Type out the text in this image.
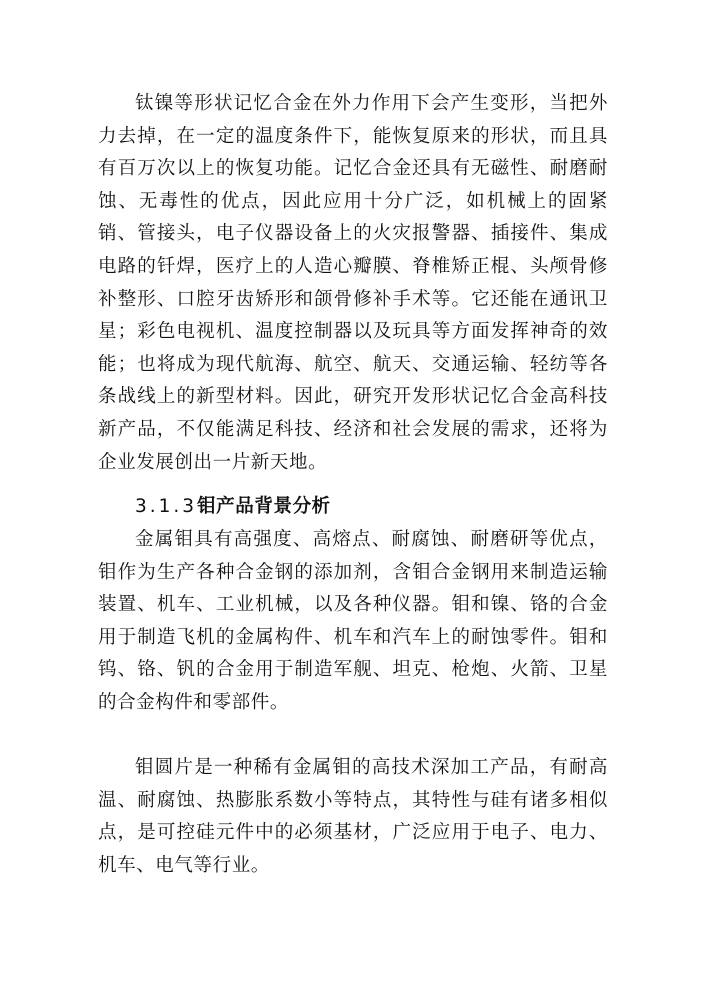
钛镍等形状记忆合金在外力作用下会产生变形，当把外力去掉，在一定的温度条件下，能恢复原来的形状，而且具有百万次以上的恢复功能。记忆合金还具有无磁性、耐磨耐蚀、无毒性的优点，因此应用十分广泛，如机械上的固紧销、管接头，电子仪器设备上的火灾报警器、插接件、集成电路的钎焊，医疗上的人造心瓣膜、脊椎矫正棍、头颅骨修补整形、口腔牙齿矫形和颌骨修补手术等。它还能在通讯卫星；彩色电视机、温度控制器以及玩具等方面发挥神奇的效能；也将成为现代航海、航空、航天、交通运输、轻纺等各条战线上的新型材料。因此，研究开发形状记忆合金高科技新产品，不仅能满足科技、经济和社会发展的需求，还将为企业发展创出一片新天地。

3.1.3钼产品背景分析

金属钼具有高强度、高熔点、耐腐蚀、耐磨研等优点，钼作为生产各种合金钢的添加剂，含钼合金钢用来制造运输装置、机车、工业机械，以及各种仪器。钼和镍、铬的合金用于制造飞机的金属构件、机车和汽车上的耐蚀零件。钼和钨、铬、钒的合金用于制造军舰、坦克、枪炮、火箭、卫星的合金构件和零部件。

钼圆片是一种稀有金属钼的高技术深加工产品，有耐高温、耐腐蚀、热膨胀系数小等特点，其特性与硅有诸多相似点，是可控硅元件中的必须基材，广泛应用于电子、电力、机车、电气等行业。
